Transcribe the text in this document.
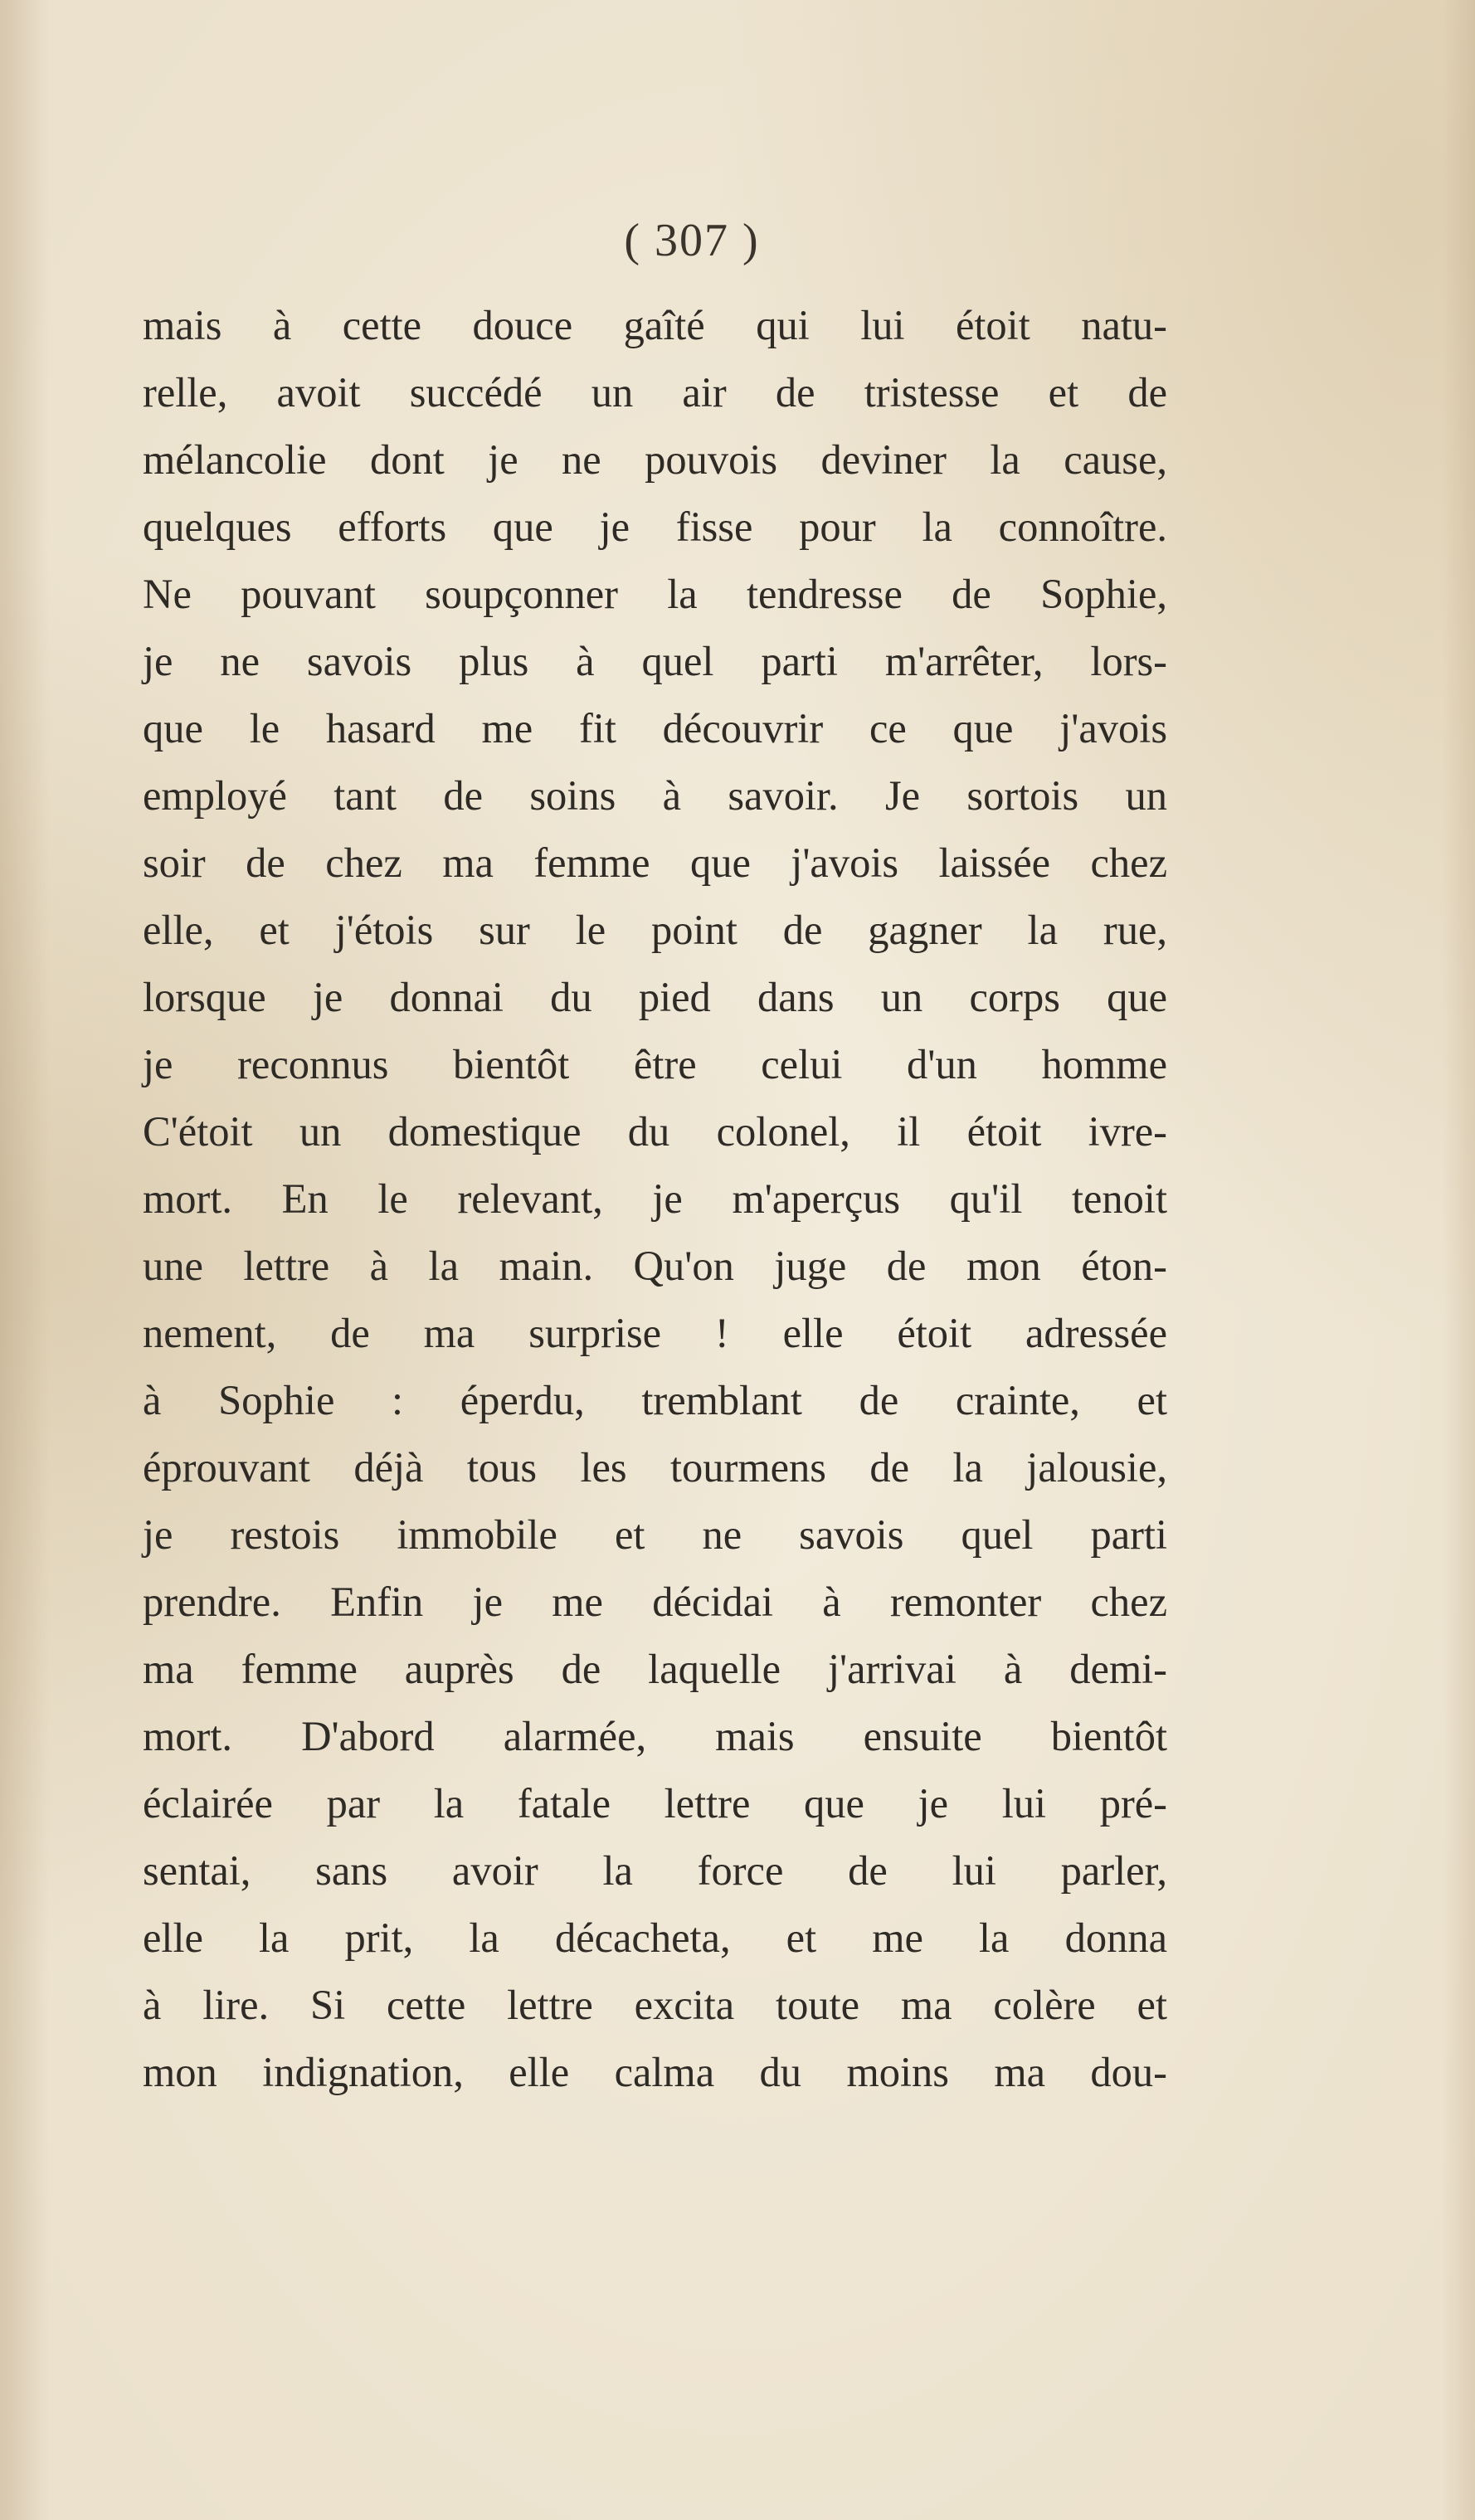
( 307 )
mais à cette douce gaîté qui lui étoit natu-
relle, avoit succédé un air de tristesse et de
mélancolie dont je ne pouvois deviner la cause,
quelques efforts que je fisse pour la connoître.
Ne pouvant soupçonner la tendresse de Sophie,
je ne savois plus à quel parti m'arrêter, lors-
que le hasard me fit découvrir ce que j'avois
employé tant de soins à savoir. Je sortois un
soir de chez ma femme que j'avois laissée chez
elle, et j'étois sur le point de gagner la rue,
lorsque je donnai du pied dans un corps que
je reconnus bientôt être celui d'un homme
C'étoit un domestique du colonel, il étoit ivre-
mort. En le relevant, je m'aperçus qu'il tenoit
une lettre à la main. Qu'on juge de mon éton-
nement, de ma surprise ! elle étoit adressée
à Sophie : éperdu, tremblant de crainte, et
éprouvant déjà tous les tourmens de la jalousie,
je restois immobile et ne savois quel parti
prendre. Enfin je me décidai à remonter chez
ma femme auprès de laquelle j'arrivai à demi-
mort. D'abord alarmée, mais ensuite bientôt
éclairée par la fatale lettre que je lui pré-
sentai, sans avoir la force de lui parler,
elle la prit, la décacheta, et me la donna
à lire. Si cette lettre excita toute ma colère et
mon indignation, elle calma du moins ma dou-
